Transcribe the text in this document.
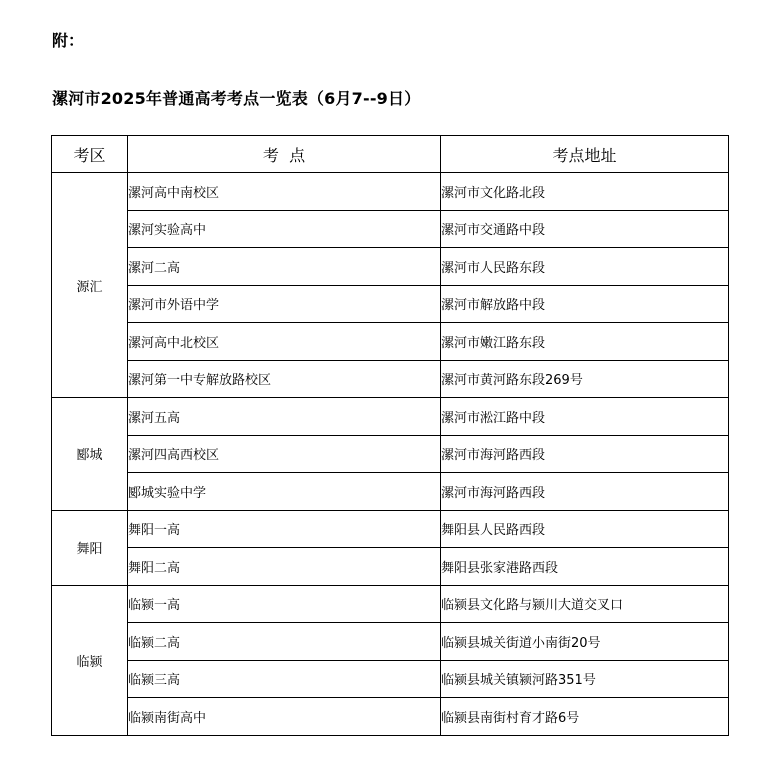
附：
漯河市2025年普通高考考点一览表（6月7--9日）
考区	考  点	考点地址
源汇	漯河高中南校区	漯河市文化路北段
	漯河实验高中	漯河市交通路中段
	漯河二高	漯河市人民路东段
	漯河市外语中学	漯河市解放路中段
	漯河高中北校区	漯河市嫩江路东段
	漯河第一中专解放路校区	漯河市黄河路东段269号
郾城	漯河五高	漯河市淞江路中段
	漯河四高西校区	漯河市海河路西段
	郾城实验中学	漯河市海河路西段
舞阳	舞阳一高	舞阳县人民路西段
	舞阳二高	舞阳县张家港路西段
临颍	临颍一高	临颍县文化路与颍川大道交叉口
	临颍二高	临颍县城关街道小南街20号
	临颍三高	临颍县城关镇颍河路351号
	临颍南街高中	临颍县南街村育才路6号
